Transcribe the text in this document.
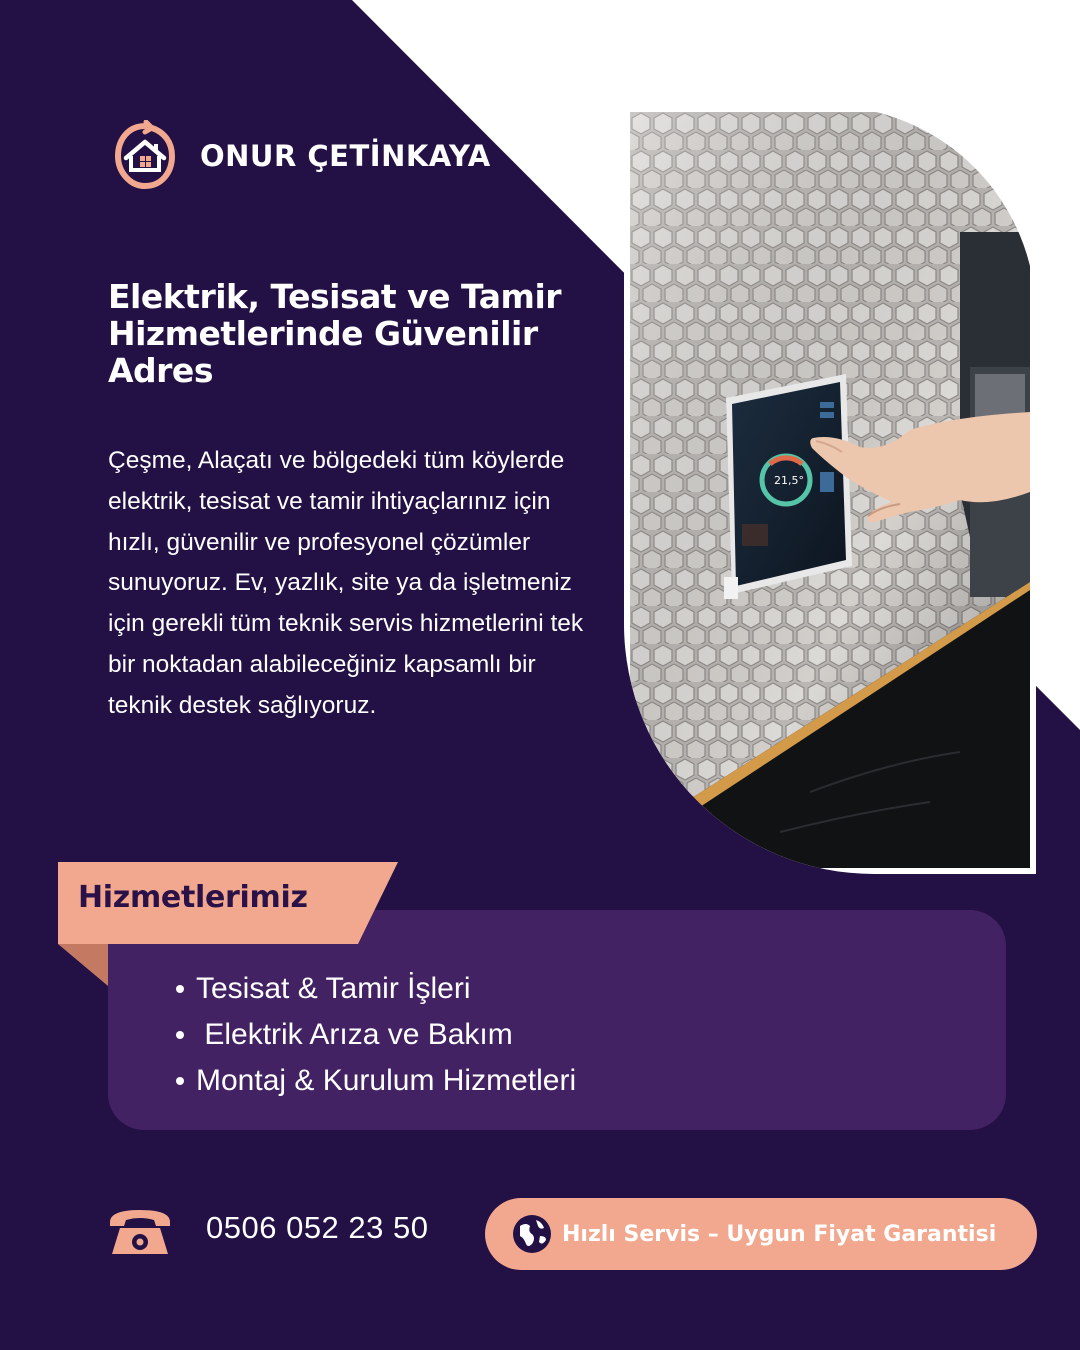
ONUR ÇETİNKAYA
Elektrik, Tesisat ve Tamir Hizmetlerinde Güvenilir Adres

Çeşme, Alaçatı ve bölgedeki tüm köylerde elektrik, tesisat ve tamir ihtiyaçlarınız için hızlı, güvenilir ve profesyonel çözümler sunuyoruz. Ev, yazlık, site ya da işletmeniz için gerekli tüm teknik servis hizmetlerini tek bir noktadan alabileceğiniz kapsamlı bir teknik destek sağlıyoruz.

21,5°
Hizmetlerimiz
Tesisat & Tamir İşleri
Elektrik Arıza ve Bakım
Montaj & Kurulum Hizmetleri
0506 052 23 50	Hızlı Servis – Uygun Fiyat Garantisi
